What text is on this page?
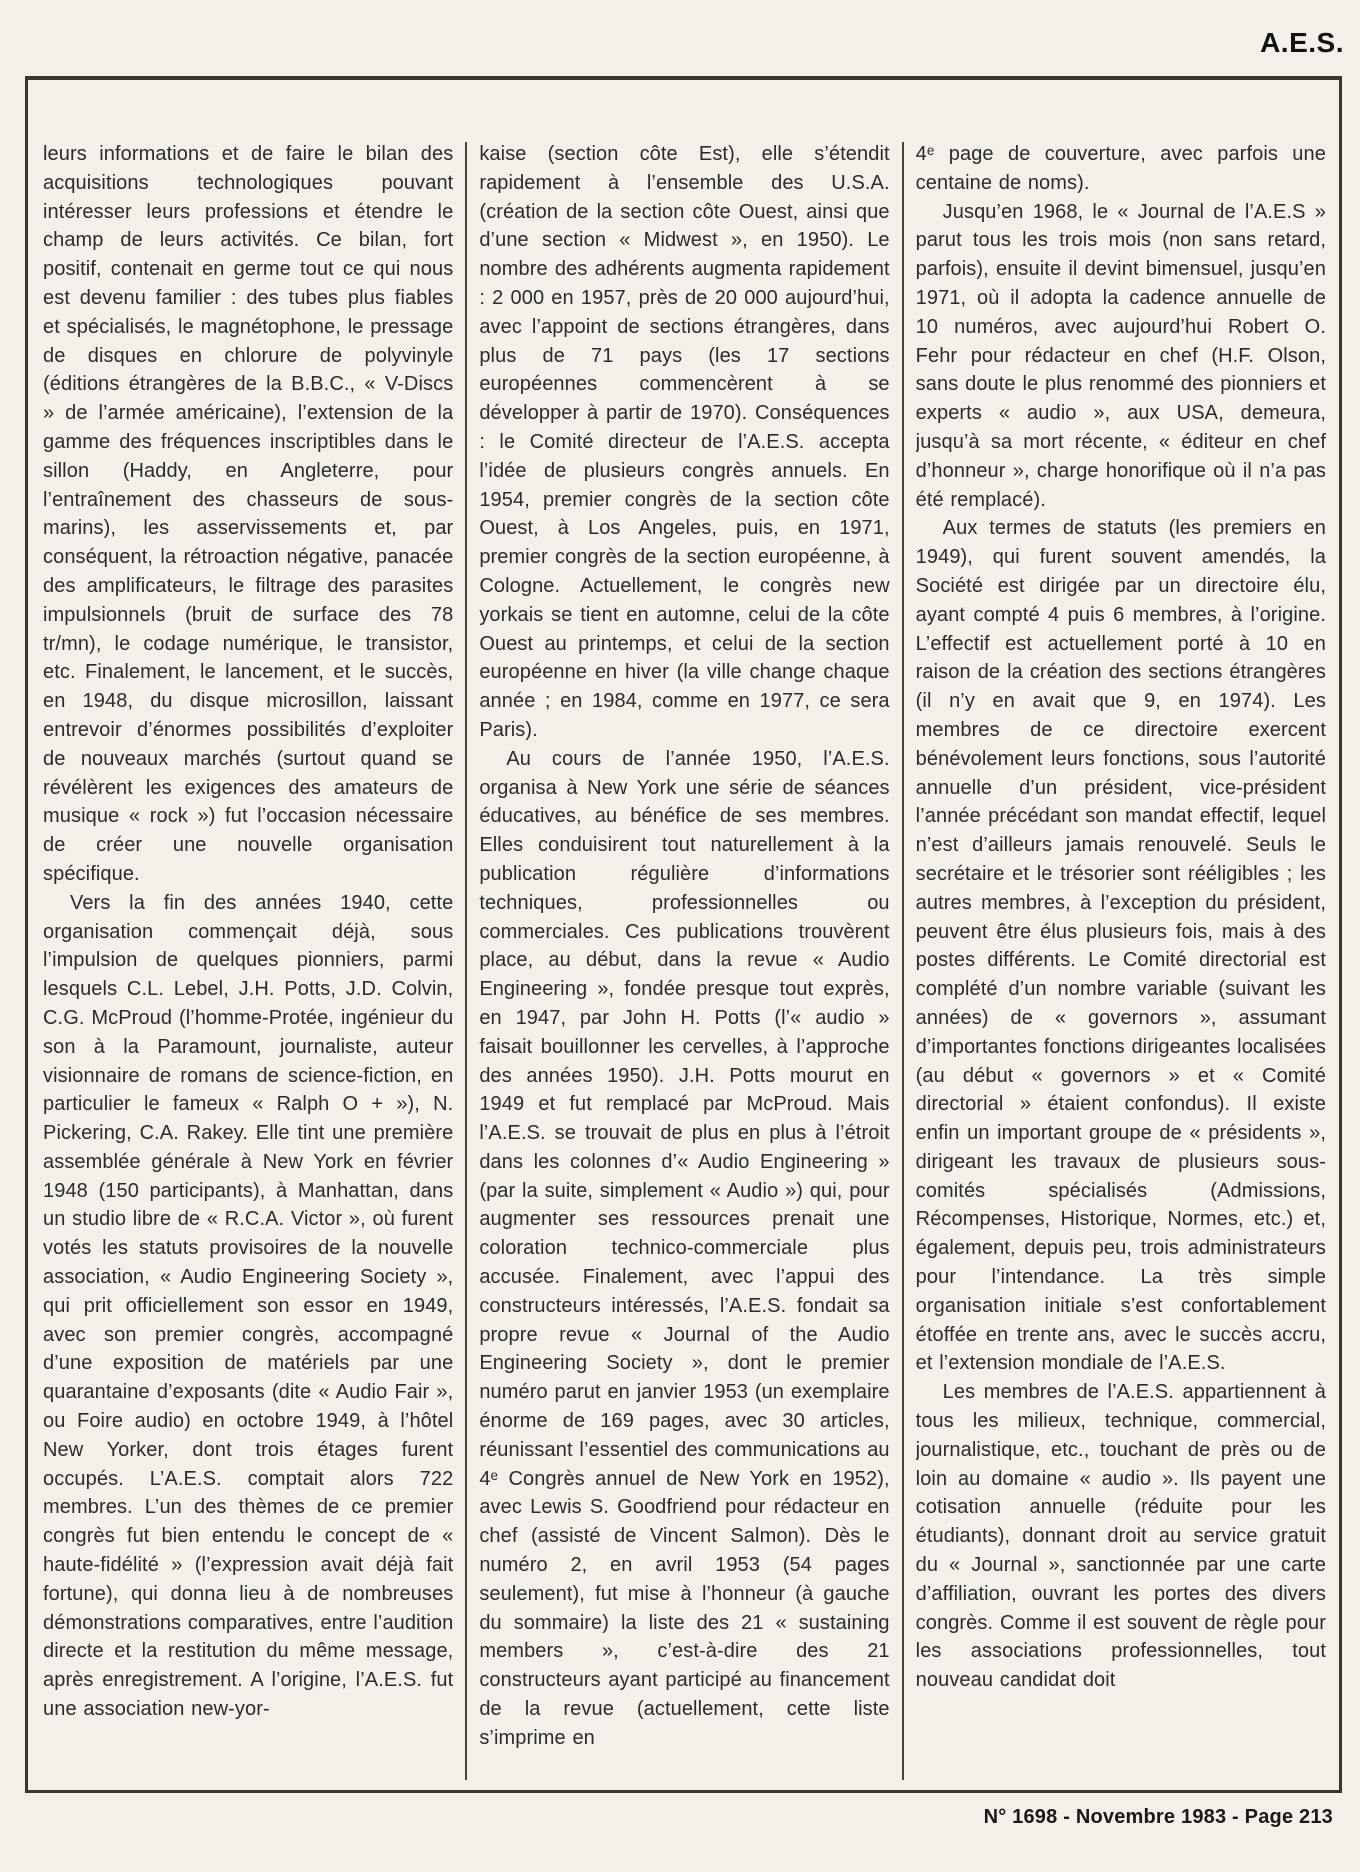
A.E.S.

leurs informations et de faire le bilan des acquisitions technologiques pouvant intéresser leurs professions et étendre le champ de leurs activités. Ce bilan, fort positif, contenait en germe tout ce qui nous est devenu familier : des tubes plus fiables et spécialisés, le magnétophone, le pressage de disques en chlorure de polyvinyle (éditions étrangères de la B.B.C., « V-Discs » de l’armée américaine), l’extension de la gamme des fréquences inscriptibles dans le sillon (Haddy, en Angleterre, pour l’entraînement des chasseurs de sous-marins), les asservissements et, par conséquent, la rétroaction négative, panacée des amplificateurs, le filtrage des parasites impulsionnels (bruit de surface des 78 tr/mn), le codage numérique, le transistor, etc. Finalement, le lancement, et le succès, en 1948, du disque microsillon, laissant entrevoir d’énormes possibilités d’exploiter de nouveaux marchés (surtout quand se révélèrent les exigences des amateurs de musique « rock ») fut l’occasion nécessaire de créer une nouvelle organisation spécifique.

Vers la fin des années 1940, cette organisation commençait déjà, sous l’impulsion de quelques pionniers, parmi lesquels C.L. Lebel, J.H. Potts, J.D. Colvin, C.G. McProud (l’homme-Protée, ingénieur du son à la Paramount, journaliste, auteur visionnaire de romans de science-fiction, en particulier le fameux « Ralph O + »), N. Pickering, C.A. Rakey. Elle tint une première assemblée générale à New York en février 1948 (150 participants), à Manhattan, dans un studio libre de « R.C.A. Victor », où furent votés les statuts provisoires de la nouvelle association, « Audio Engineering Society », qui prit officiellement son essor en 1949, avec son premier congrès, accompagné d’une exposition de matériels par une quarantaine d’exposants (dite « Audio Fair », ou Foire audio) en octobre 1949, à l’hôtel New Yorker, dont trois étages furent occupés. L’A.E.S. comptait alors 722 membres. L’un des thèmes de ce premier congrès fut bien entendu le concept de « haute-fidélité » (l’expression avait déjà fait fortune), qui donna lieu à de nombreuses démonstrations comparatives, entre l’audition directe et la restitution du même message, après enregistrement. A l’origine, l’A.E.S. fut une association new-yor-

kaise (section côte Est), elle s’étendit rapidement à l’ensemble des U.S.A. (création de la section côte Ouest, ainsi que d’une section « Midwest », en 1950). Le nombre des adhérents augmenta rapidement : 2 000 en 1957, près de 20 000 aujourd’hui, avec l’appoint de sections étrangères, dans plus de 71 pays (les 17 sections européennes commencèrent à se développer à partir de 1970). Conséquences : le Comité directeur de l’A.E.S. accepta l’idée de plusieurs congrès annuels. En 1954, premier congrès de la section côte Ouest, à Los Angeles, puis, en 1971, premier congrès de la section européenne, à Cologne. Actuellement, le congrès new yorkais se tient en automne, celui de la côte Ouest au printemps, et celui de la section européenne en hiver (la ville change chaque année ; en 1984, comme en 1977, ce sera Paris).

Au cours de l’année 1950, l’A.E.S. organisa à New York une série de séances éducatives, au bénéfice de ses membres. Elles conduisirent tout naturellement à la publication régulière d’informations techniques, professionnelles ou commerciales. Ces publications trouvèrent place, au début, dans la revue « Audio Engineering », fondée presque tout exprès, en 1947, par John H. Potts (l’« audio » faisait bouillonner les cervelles, à l’approche des années 1950). J.H. Potts mourut en 1949 et fut remplacé par McProud. Mais l’A.E.S. se trouvait de plus en plus à l’étroit dans les colonnes d’« Audio Engineering » (par la suite, simplement « Audio ») qui, pour augmenter ses ressources prenait une coloration technico-commerciale plus accusée. Finalement, avec l’appui des constructeurs intéressés, l’A.E.S. fondait sa propre revue « Journal of the Audio Engineering Society », dont le premier numéro parut en janvier 1953 (un exemplaire énorme de 169 pages, avec 30 articles, réunissant l’essentiel des communications au 4ᵉ Congrès annuel de New York en 1952), avec Lewis S. Goodfriend pour rédacteur en chef (assisté de Vincent Salmon). Dès le numéro 2, en avril 1953 (54 pages seulement), fut mise à l’honneur (à gauche du sommaire) la liste des 21 « sustaining members », c’est-à-dire des 21 constructeurs ayant participé au financement de la revue (actuellement, cette liste s’imprime en

4ᵉ page de couverture, avec parfois une centaine de noms).

Jusqu’en 1968, le « Journal de l’A.E.S » parut tous les trois mois (non sans retard, parfois), ensuite il devint bimensuel, jusqu’en 1971, où il adopta la cadence annuelle de 10 numéros, avec aujourd’hui Robert O. Fehr pour rédacteur en chef (H.F. Olson, sans doute le plus renommé des pionniers et experts « audio », aux USA, demeura, jusqu’à sa mort récente, « éditeur en chef d’honneur », charge honorifique où il n’a pas été remplacé).

Aux termes de statuts (les premiers en 1949), qui furent souvent amendés, la Société est dirigée par un directoire élu, ayant compté 4 puis 6 membres, à l’origine. L’effectif est actuellement porté à 10 en raison de la création des sections étrangères (il n’y en avait que 9, en 1974). Les membres de ce directoire exercent bénévolement leurs fonctions, sous l’autorité annuelle d’un président, vice-président l’année précédant son mandat effectif, lequel n’est d’ailleurs jamais renouvelé. Seuls le secrétaire et le trésorier sont rééligibles ; les autres membres, à l’exception du président, peuvent être élus plusieurs fois, mais à des postes différents. Le Comité directorial est complété d’un nombre variable (suivant les années) de « governors », assumant d’importantes fonctions dirigeantes localisées (au début « governors » et « Comité directorial » étaient confondus). Il existe enfin un important groupe de « présidents », dirigeant les travaux de plusieurs sous-comités spécialisés (Admissions, Récompenses, Historique, Normes, etc.) et, également, depuis peu, trois administrateurs pour l’intendance. La très simple organisation initiale s’est confortablement étoffée en trente ans, avec le succès accru, et l’extension mondiale de l’A.E.S.

Les membres de l’A.E.S. appartiennent à tous les milieux, technique, commercial, journalistique, etc., touchant de près ou de loin au domaine « audio ». Ils payent une cotisation annuelle (réduite pour les étudiants), donnant droit au service gratuit du « Journal », sanctionnée par une carte d’affiliation, ouvrant les portes des divers congrès. Comme il est souvent de règle pour les associations professionnelles, tout nouveau candidat doit

N° 1698 - Novembre 1983 - Page 213
